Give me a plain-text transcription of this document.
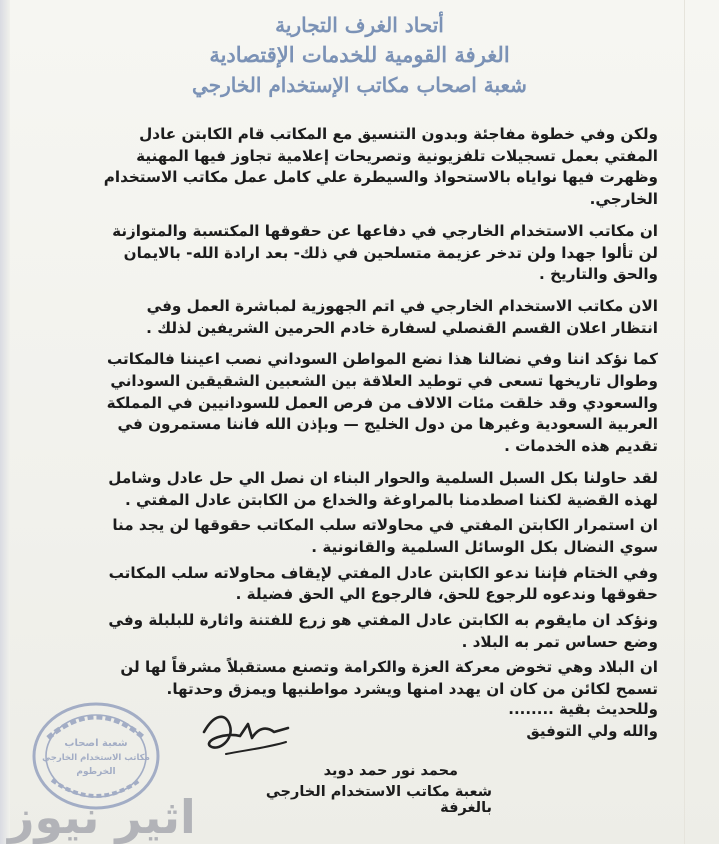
أتحاد الغرف التجارية
الغرفة القومية للخدمات الإقتصادية
شعبة اصحاب مكاتب الإستخدام الخارجي

ولكن وفي خطوة مفاجئة وبدون التنسيق مع المكاتب قام الكابتن عادل المفتي بعمل تسجيلات تلفزيونية وتصريحات إعلامية تجاوز فيها المهنية وظهرت فيها نواياه بالاستحواذ والسيطرة علي كامل عمل مكاتب الاستخدام الخارجي.

ان مكاتب الاستخدام الخارجي في دفاعها عن حقوقها المكتسبة والمتوازنة لن تألوا جهدا ولن تدخر عزيمة متسلحين في ذلك- بعد ارادة الله- بالايمان والحق والتاريخ .

الان مكاتب الاستخدام الخارجي في اتم الجهوزية لمباشرة العمل وفي انتظار اعلان القسم القنصلي لسفارة خادم الحرمين الشريفين لذلك .

كما نؤكد اننا وفي نضالنا هذا نضع المواطن السوداني نصب اعيننا فالمكاتب وطوال تاريخها تسعى في توطيد العلاقة بين الشعبين الشقيقين السوداني والسعودي وقد خلقت مئات الالاف من فرص العمل للسودانيين في المملكة العربية السعودية وغيرها من دول الخليج — وبإذن الله فاننا مستمرون في تقديم هذه الخدمات .

لقد حاولنا بكل السبل السلمية والحوار البناء ان نصل الي حل عادل وشامل لهذه القضية لكننا اصطدمنا بالمراوغة والخداع من الكابتن عادل المفتي .

ان استمرار الكابتن المفتي في محاولاته سلب المكاتب حقوقها لن يجد منا سوي النضال بكل الوسائل السلمية والقانونية .

وفي الختام فإننا ندعو الكابتن عادل المفتي لإيقاف محاولاته سلب المكاتب حقوقها وندعوه للرجوع للحق، فالرجوع الي الحق فضيلة .

ونؤكد ان مايقوم به الكابتن عادل المفتي هو زرع للفتنة واثارة للبلبلة وفي وضع حساس تمر به البلاد .

ان البلاد وهي تخوض معركة العزة والكرامة وتصنع مستقبلاً مشرقاً لها لن تسمح لكائن من كان ان يهدد امنها ويشرد مواطنيها ويمزق وحدتها.

وللحديث بقية ........
والله ولي التوفيق
محمد نور حمد دويد
شعبة مكاتب الاستخدام الخارجي بالغرفة
شعبة اصحاب
مكاتب الاستخدام الخارجي
الخرطوم
اثير نيوز
